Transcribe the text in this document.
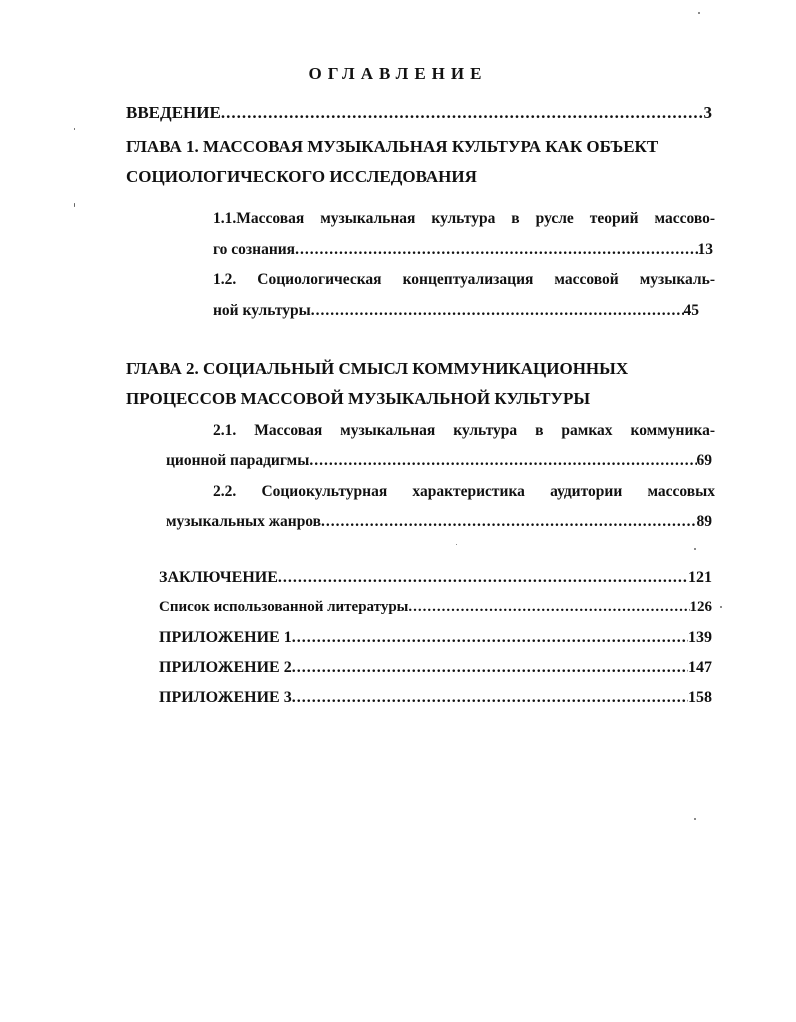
ОГЛАВЛЕНИЕ
ВВЕДЕНИЕ .....	3
ГЛАВА 1. МАССОВАЯ МУЗЫКАЛЬНАЯ КУЛЬТУРА КАК ОБЪЕКТ
СОЦИОЛОГИЧЕСКОГО ИССЛЕДОВАНИЯ
1.1.Массовая музыкальная культура в русле теорий массово-
го сознания .....	13
1.2. Социологическая концептуализация массовой музыкаль-
ной культуры .....	45
ГЛАВА 2. СОЦИАЛЬНЫЙ СМЫСЛ КОММУНИКАЦИОННЫХ
ПРОЦЕССОВ МАССОВОЙ МУЗЫКАЛЬНОЙ КУЛЬТУРЫ
2.1. Массовая музыкальная культура в рамках коммуника-
ционной парадигмы .....	69
2.2. Социокультурная характеристика аудитории массовых
музыкальных жанров .....	89
ЗАКЛЮЧЕНИЕ .....	121
Список использованной литературы .....	126
ПРИЛОЖЕНИЕ 1 .....	139
ПРИЛОЖЕНИЕ 2 .....	147
ПРИЛОЖЕНИЕ 3 .....	158
